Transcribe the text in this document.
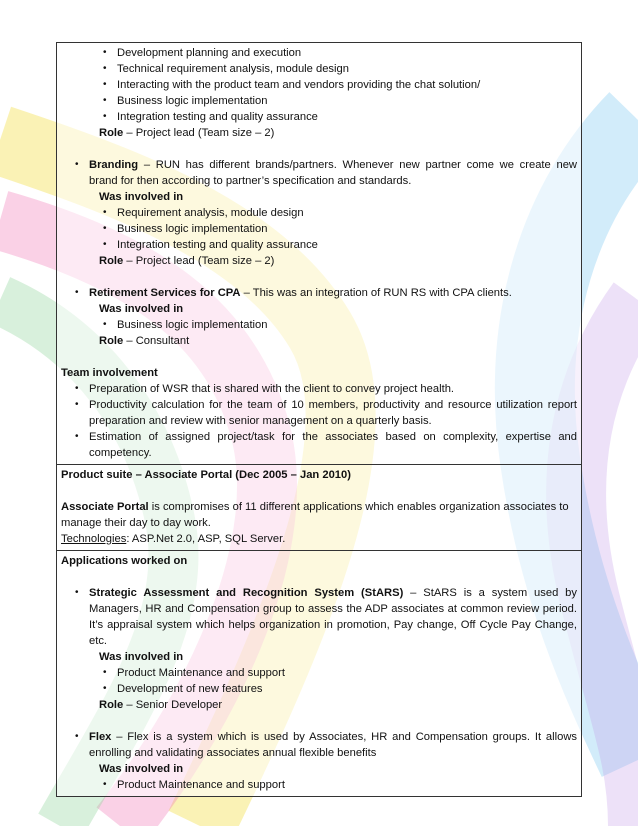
• Development planning and execution
• Technical requirement analysis, module design
• Interacting with the product team and vendors providing the chat solution/
• Business logic implementation
• Integration testing and quality assurance
Role – Project lead (Team size – 2)
• Branding – RUN has different brands/partners. Whenever new partner come we create new brand for then according to partner’s specification and standards.
Was involved in
• Requirement analysis, module design
• Business logic implementation
• Integration testing and quality assurance
Role – Project lead (Team size – 2)
• Retirement Services for CPA – This was an integration of RUN RS with CPA clients.
Was involved in
• Business logic implementation
Role – Consultant
Team involvement
• Preparation of WSR that is shared with the client to convey project health.
• Productivity calculation for the team of 10 members, productivity and resource utilization report preparation and review with senior management on a quarterly basis.
• Estimation of assigned project/task for the associates based on complexity, expertise and competency.
Product suite – Associate Portal (Dec 2005 – Jan 2010)
Associate Portal is compromises of 11 different applications which enables organization associates to manage their day to day work.
Technologies: ASP.Net 2.0, ASP, SQL Server.
Applications worked on
• Strategic Assessment and Recognition System (StARS) – StARS is a system used by Managers, HR and Compensation group to assess the ADP associates at common review period. It’s appraisal system which helps organization in promotion, Pay change, Off Cycle Pay Change, etc.
Was involved in
• Product Maintenance and support
• Development of new features
Role – Senior Developer
• Flex – Flex is a system which is used by Associates, HR and Compensation groups. It allows enrolling and validating associates annual flexible benefits
Was involved in
• Product Maintenance and support
